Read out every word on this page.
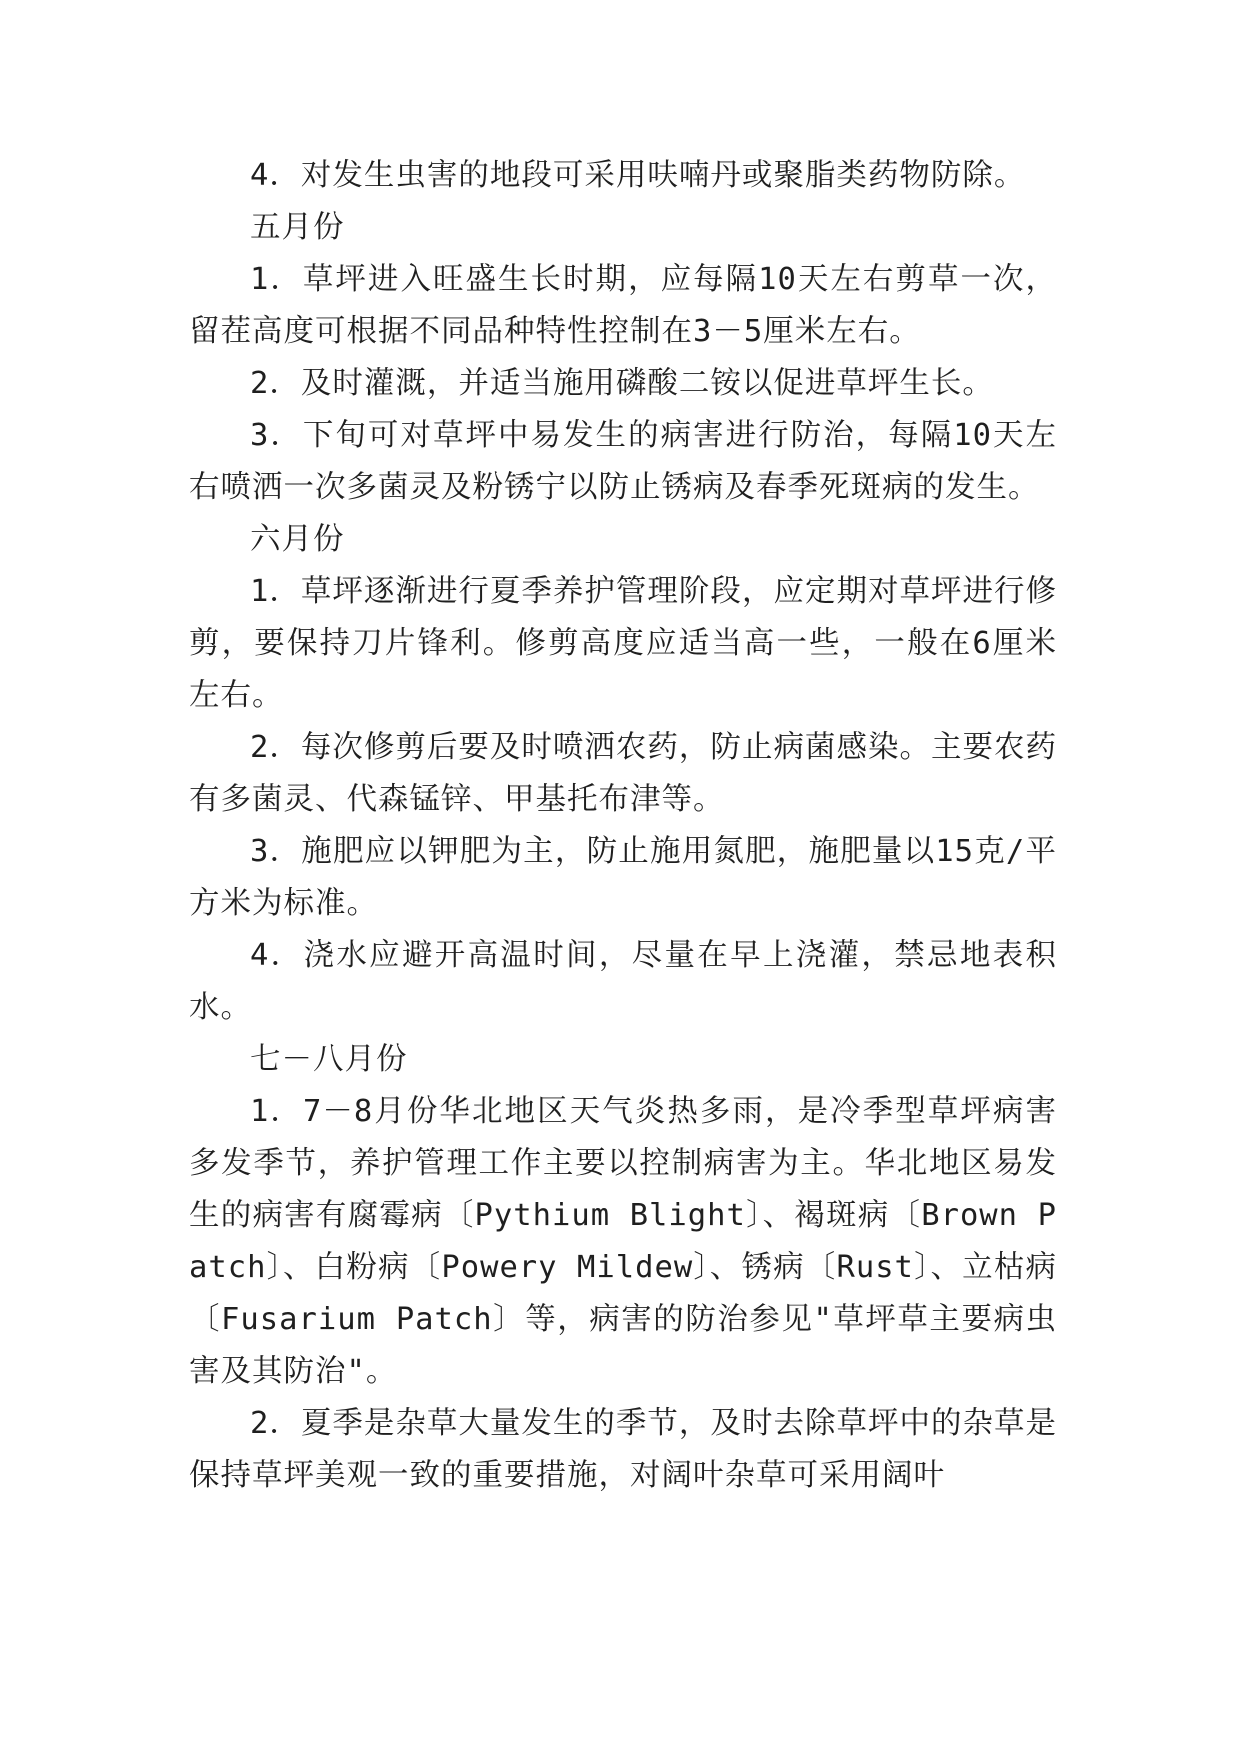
4．对发生虫害的地段可采用呋喃丹或聚脂类药物防除。

五月份

1．草坪进入旺盛生长时期，应每隔10天左右剪草一次，留茬高度可根据不同品种特性控制在3－5厘米左右。

2．及时灌溉，并适当施用磷酸二铵以促进草坪生长。

3．下旬可对草坪中易发生的病害进行防治，每隔10天左右喷洒一次多菌灵及粉锈宁以防止锈病及春季死斑病的发生。

六月份

1．草坪逐渐进行夏季养护管理阶段，应定期对草坪进行修剪，要保持刀片锋利。修剪高度应适当高一些，一般在6厘米左右。

2．每次修剪后要及时喷洒农药，防止病菌感染。主要农药有多菌灵、代森锰锌、甲基托布津等。

3．施肥应以钾肥为主，防止施用氮肥，施肥量以15克/平方米为标准。

4．浇水应避开高温时间，尽量在早上浇灌，禁忌地表积水。

七－八月份

1．7－8月份华北地区天气炎热多雨，是冷季型草坪病害多发季节，养护管理工作主要以控制病害为主。华北地区易发生的病害有腐霉病〔Pythium Blight〕、褐斑病〔Brown Patch〕、白粉病〔Powery Mildew〕、锈病〔Rust〕、立枯病〔Fusarium Patch〕等，病害的防治参见"草坪草主要病虫害及其防治"。

2．夏季是杂草大量发生的季节，及时去除草坪中的杂草是保持草坪美观一致的重要措施，对阔叶杂草可采用阔叶
